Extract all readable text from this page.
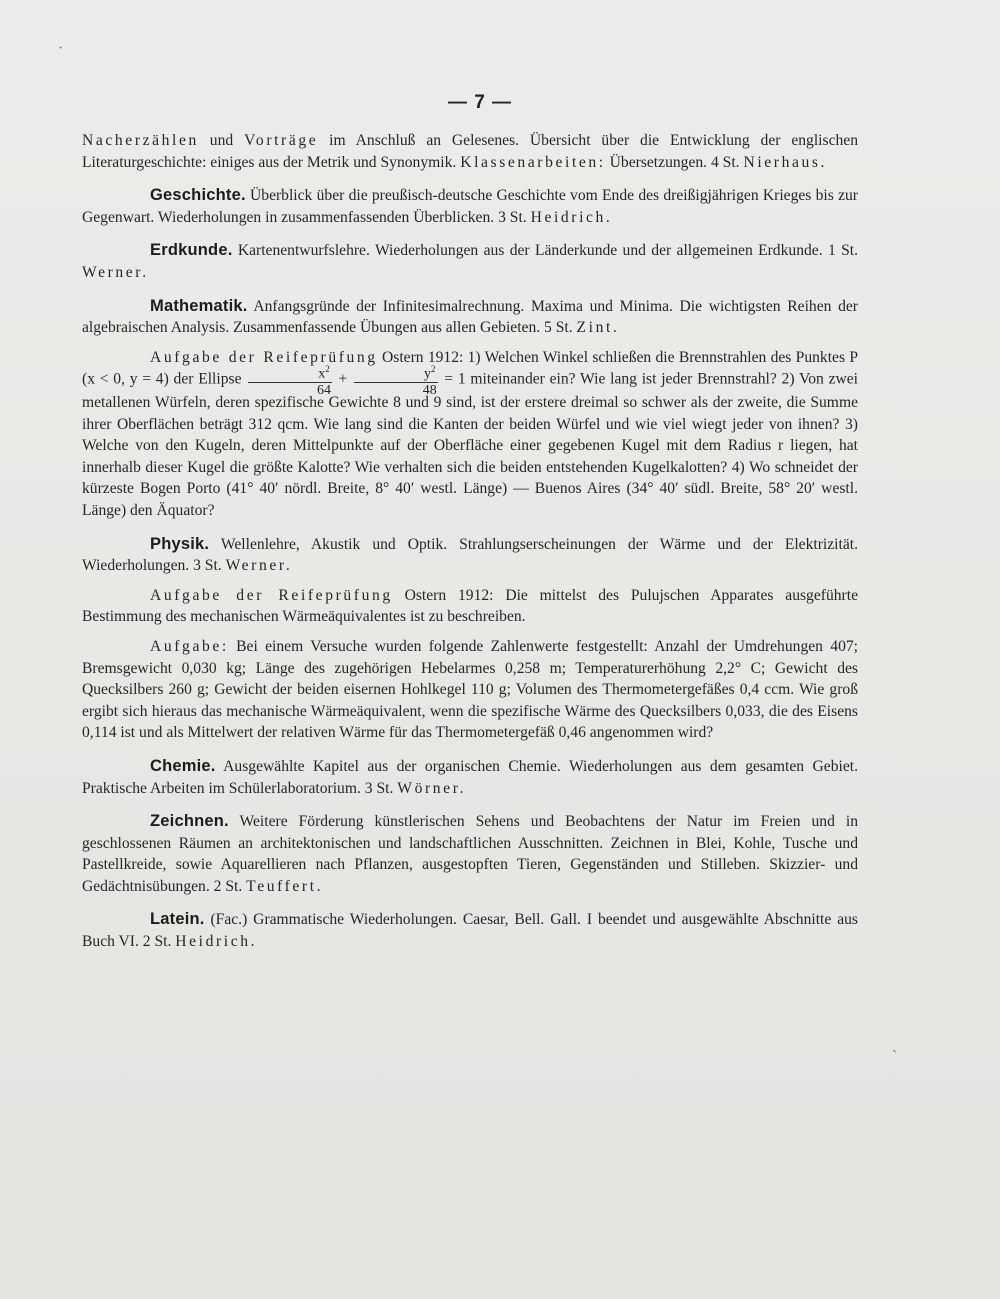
— 7 —

Nacherzählen und Vorträge im Anschluß an Gelesenes. Übersicht über die Entwicklung der englischen Literaturgeschichte: einiges aus der Metrik und Synonymik. Klassenarbeiten: Übersetzungen. 4 St. Nierhaus.

Geschichte. Überblick über die preußisch-deutsche Geschichte vom Ende des dreißigjährigen Krieges bis zur Gegenwart. Wiederholungen in zusammenfassenden Überblicken. 3 St. Heidrich.

Erdkunde. Kartenentwurfslehre. Wiederholungen aus der Länderkunde und der allgemeinen Erdkunde. 1 St. Werner.

Mathematik. Anfangsgründe der Infinitesimalrechnung. Maxima und Minima. Die wichtigsten Reihen der algebraischen Analysis. Zusammenfassende Übungen aus allen Gebieten. 5 St. Zint.

Aufgabe der Reifeprüfung Ostern 1912: 1) Welchen Winkel schließen die Brennstrahlen des Punktes P (x < 0, y = 4) der Ellipse $\frac{x^2}{64} + \frac{y^2}{48} = 1$ miteinander ein? Wie lang ist jeder Brennstrahl? 2) Von zwei metallenen Würfeln, deren spezifische Gewichte 8 und 9 sind, ist der erstere dreimal so schwer als der zweite, die Summe ihrer Oberflächen beträgt 312 qcm. Wie lang sind die Kanten der beiden Würfel und wie viel wiegt jeder von ihnen? 3) Welche von den Kugeln, deren Mittelpunkte auf der Oberfläche einer gegebenen Kugel mit dem Radius r liegen, hat innerhalb dieser Kugel die größte Kalotte? Wie verhalten sich die beiden entstehenden Kugelkalotten? 4) Wo schneidet der kürzeste Bogen Porto (41° 40′ nördl. Breite, 8° 40′ westl. Länge) — Buenos Aires (34° 40′ südl. Breite, 58° 20′ westl. Länge) den Äquator?

Physik. Wellenlehre, Akustik und Optik. Strahlungserscheinungen der Wärme und der Elektrizität. Wiederholungen. 3 St. Werner.

Aufgabe der Reifeprüfung Ostern 1912: Die mittelst des Pulujschen Apparates ausgeführte Bestimmung des mechanischen Wärmeäquivalentes ist zu beschreiben.

Aufgabe: Bei einem Versuche wurden folgende Zahlenwerte festgestellt: Anzahl der Umdrehungen 407; Bremsgewicht 0,030 kg; Länge des zugehörigen Hebelarmes 0,258 m; Temperaturerhöhung 2,2° C; Gewicht des Quecksilbers 260 g; Gewicht der beiden eisernen Hohlkegel 110 g; Volumen des Thermometergefäßes 0,4 ccm. Wie groß ergibt sich hieraus das mechanische Wärmeäquivalent, wenn die spezifische Wärme des Quecksilbers 0,033, die des Eisens 0,114 ist und als Mittelwert der relativen Wärme für das Thermometergefäß 0,46 angenommen wird?

Chemie. Ausgewählte Kapitel aus der organischen Chemie. Wiederholungen aus dem gesamten Gebiet. Praktische Arbeiten im Schülerlaboratorium. 3 St. Wörner.

Zeichnen. Weitere Förderung künstlerischen Sehens und Beobachtens der Natur im Freien und in geschlossenen Räumen an architektonischen und landschaftlichen Ausschnitten. Zeichnen in Blei, Kohle, Tusche und Pastellkreide, sowie Aquarellieren nach Pflanzen, ausgestopften Tieren, Gegenständen und Stilleben. Skizzier- und Gedächtnisübungen. 2 St. Teuffert.

Latein. (Fac.) Grammatische Wiederholungen. Caesar, Bell. Gall. I beendet und ausgewählte Abschnitte aus Buch VI. 2 St. Heidrich.

·
`
